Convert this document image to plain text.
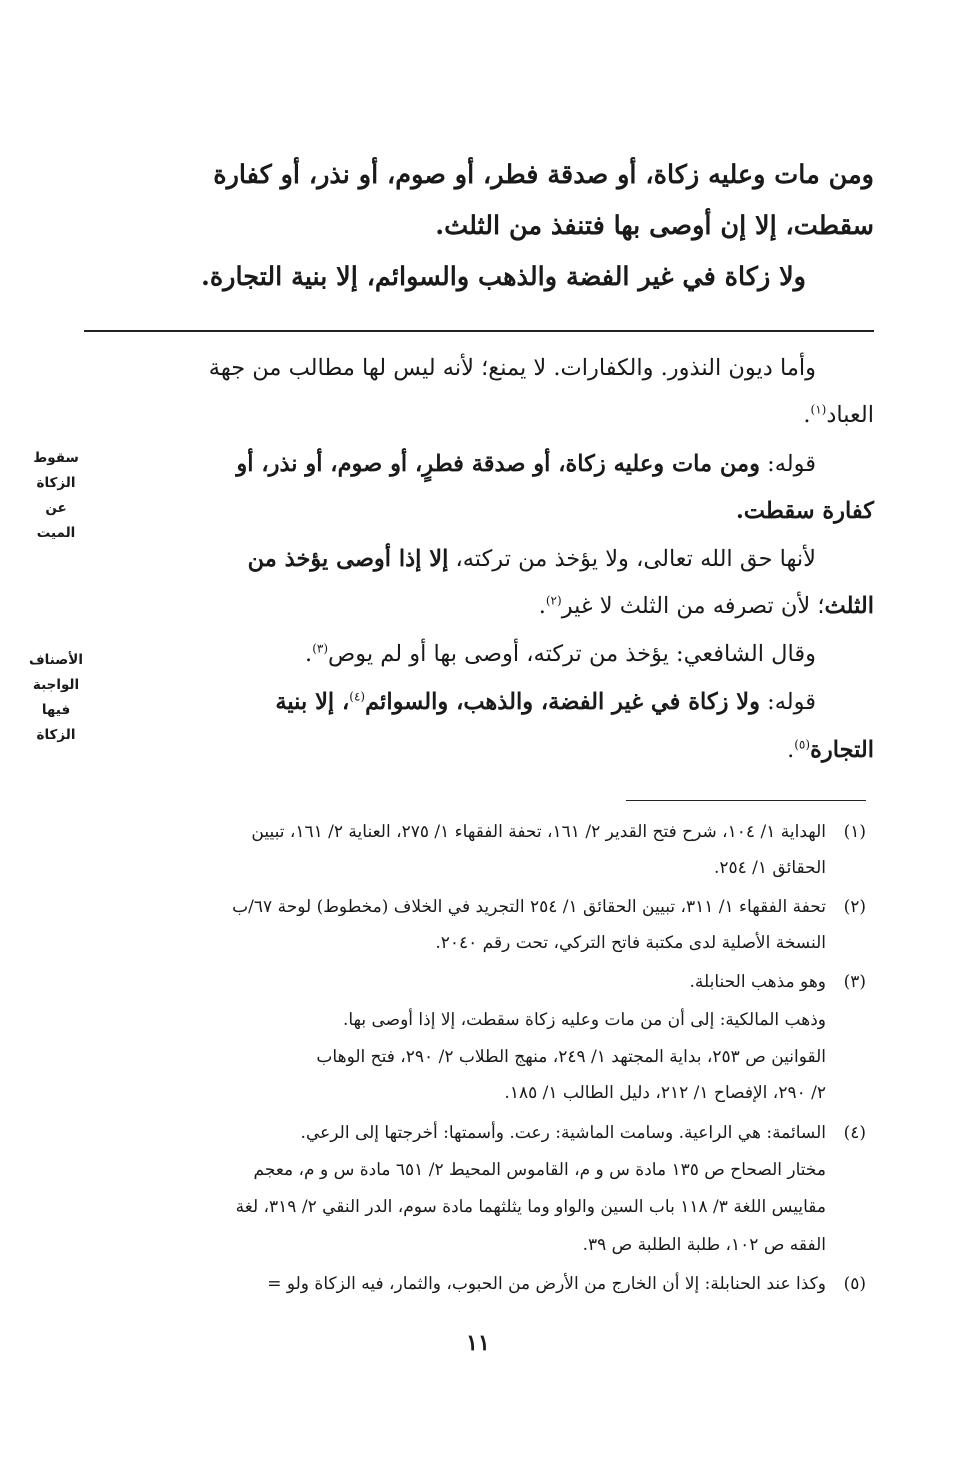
ومن مات وعليه زكاة، أو صدقة فطر، أو صوم، أو نذر، أو كفارة
سقطت، إلا إن أوصى بها فتنفذ من الثلث.
ولا زكاة في غير الفضة والذهب والسوائم، إلا بنية التجارة.
وأما ديون النذور. والكفارات. لا يمنع؛ لأنه ليس لها مطالب من جهة
العباد$^{(١)}$.
قوله: ومن مات وعليه زكاة، أو صدقة فطرٍ، أو صوم، أو نذر، أو
كفارة سقطت.
لأنها حق الله تعالى، ولا يؤخذ من تركته، إلا إذا أوصى يؤخذ من
الثلث؛ لأن تصرفه من الثلث لا غير$^{(٢)}$.
وقال الشافعي: يؤخذ من تركته، أوصى بها أو لم يوص$^{(٣)}$.
قوله: ولا زكاة في غير الفضة، والذهب، والسوائم$^{(٤)}$، إلا بنية
التجارة$^{(٥)}$.
سقوط
الزكاة
عن
الميت
الأصناف
الواجبة
فيها
الزكاة
(١)الهداية ١/ ١٠٤، شرح فتح القدير ٢/ ١٦١، تحفة الفقهاء ١/ ٢٧٥، العناية ٢/ ١٦١، تبيين
الحقائق ١/ ٢٥٤.
(٢)تحفة الفقهاء ١/ ٣١١، تبيين الحقائق ١/ ٢٥٤ التجريد في الخلاف (مخطوط) لوحة ٦٧/ب
النسخة الأصلية لدى مكتبة فاتح التركي، تحت رقم ٢٠٤٠.
(٣)وهو مذهب الحنابلة.
وذهب المالكية: إلى أن من مات وعليه زكاة سقطت، إلا إذا أوصى بها.
القوانين ص ٢٥٣، بداية المجتهد ١/ ٢٤٩، منهج الطلاب ٢/ ٢٩٠، فتح الوهاب
٢/ ٢٩٠، الإفصاح ١/ ٢١٢، دليل الطالب ١/ ١٨٥.
(٤)السائمة: هي الراعية. وسامت الماشية: رعت. وأسمتها: أخرجتها إلى الرعي.
مختار الصحاح ص ١٣٥ مادة س و م، القاموس المحيط ٢/ ٦٥١ مادة س و م، معجم
مقاييس اللغة ٣/ ١١٨ باب السين والواو وما يثلثهما مادة سوم، الدر النقي ٢/ ٣١٩، لغة
الفقه ص ١٠٢، طلبة الطلبة ص ٣٩.
(٥)وكذا عند الحنابلة: إلا أن الخارج من الأرض من الحبوب، والثمار، فيه الزكاة ولو =
١١
